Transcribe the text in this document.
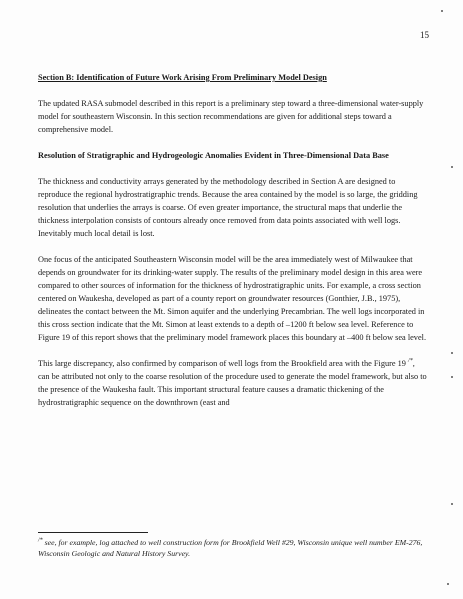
15
Section B: Identification of Future Work Arising From Preliminary Model Design

The updated RASA submodel described in this report is a preliminary step toward a three-dimensional water-supply model for southeastern Wisconsin. In this section recommendations are given for additional steps toward a comprehensive model.

Resolution of Stratigraphic and Hydrogeologic Anomalies Evident in Three-Dimensional Data Base

The thickness and conductivity arrays generated by the methodology described in Section A are designed to reproduce the regional hydrostratigraphic trends. Because the area contained by the model is so large, the gridding resolution that underlies the arrays is coarse. Of even greater importance, the structural maps that underlie the thickness interpolation consists of contours already once removed from data points associated with well logs. Inevitably much local detail is lost.

One focus of the anticipated Southeastern Wisconsin model will be the area immediately west of Milwaukee that depends on groundwater for its drinking-water supply. The results of the preliminary model design in this area were compared to other sources of information for the thickness of hydrostratigraphic units. For example, a cross section centered on Waukesha, developed as part of a county report on groundwater resources (Gonthier, J.B., 1975), delineates the contact between the Mt. Simon aquifer and the underlying Precambrian. The well logs incorporated in this cross section indicate that the Mt. Simon at least extends to a depth of –1200 ft below sea level. Reference to Figure 19 of this report shows that the preliminary model framework places this boundary at –400 ft below sea level.

This large discrepancy, also confirmed by comparison of well logs from the Brookfield area with the Figure 19 /*, can be attributed not only to the coarse resolution of the procedure used to generate the model framework, but also to the presence of the Waukesha fault. This important structural feature causes a dramatic thickening of the hydrostratigraphic sequence on the downthrown (east and

/* see, for example, log attached to well construction form for Brookfield Well #29, Wisconsin unique well number EM-276, Wisconsin Geologic and Natural History Survey.
